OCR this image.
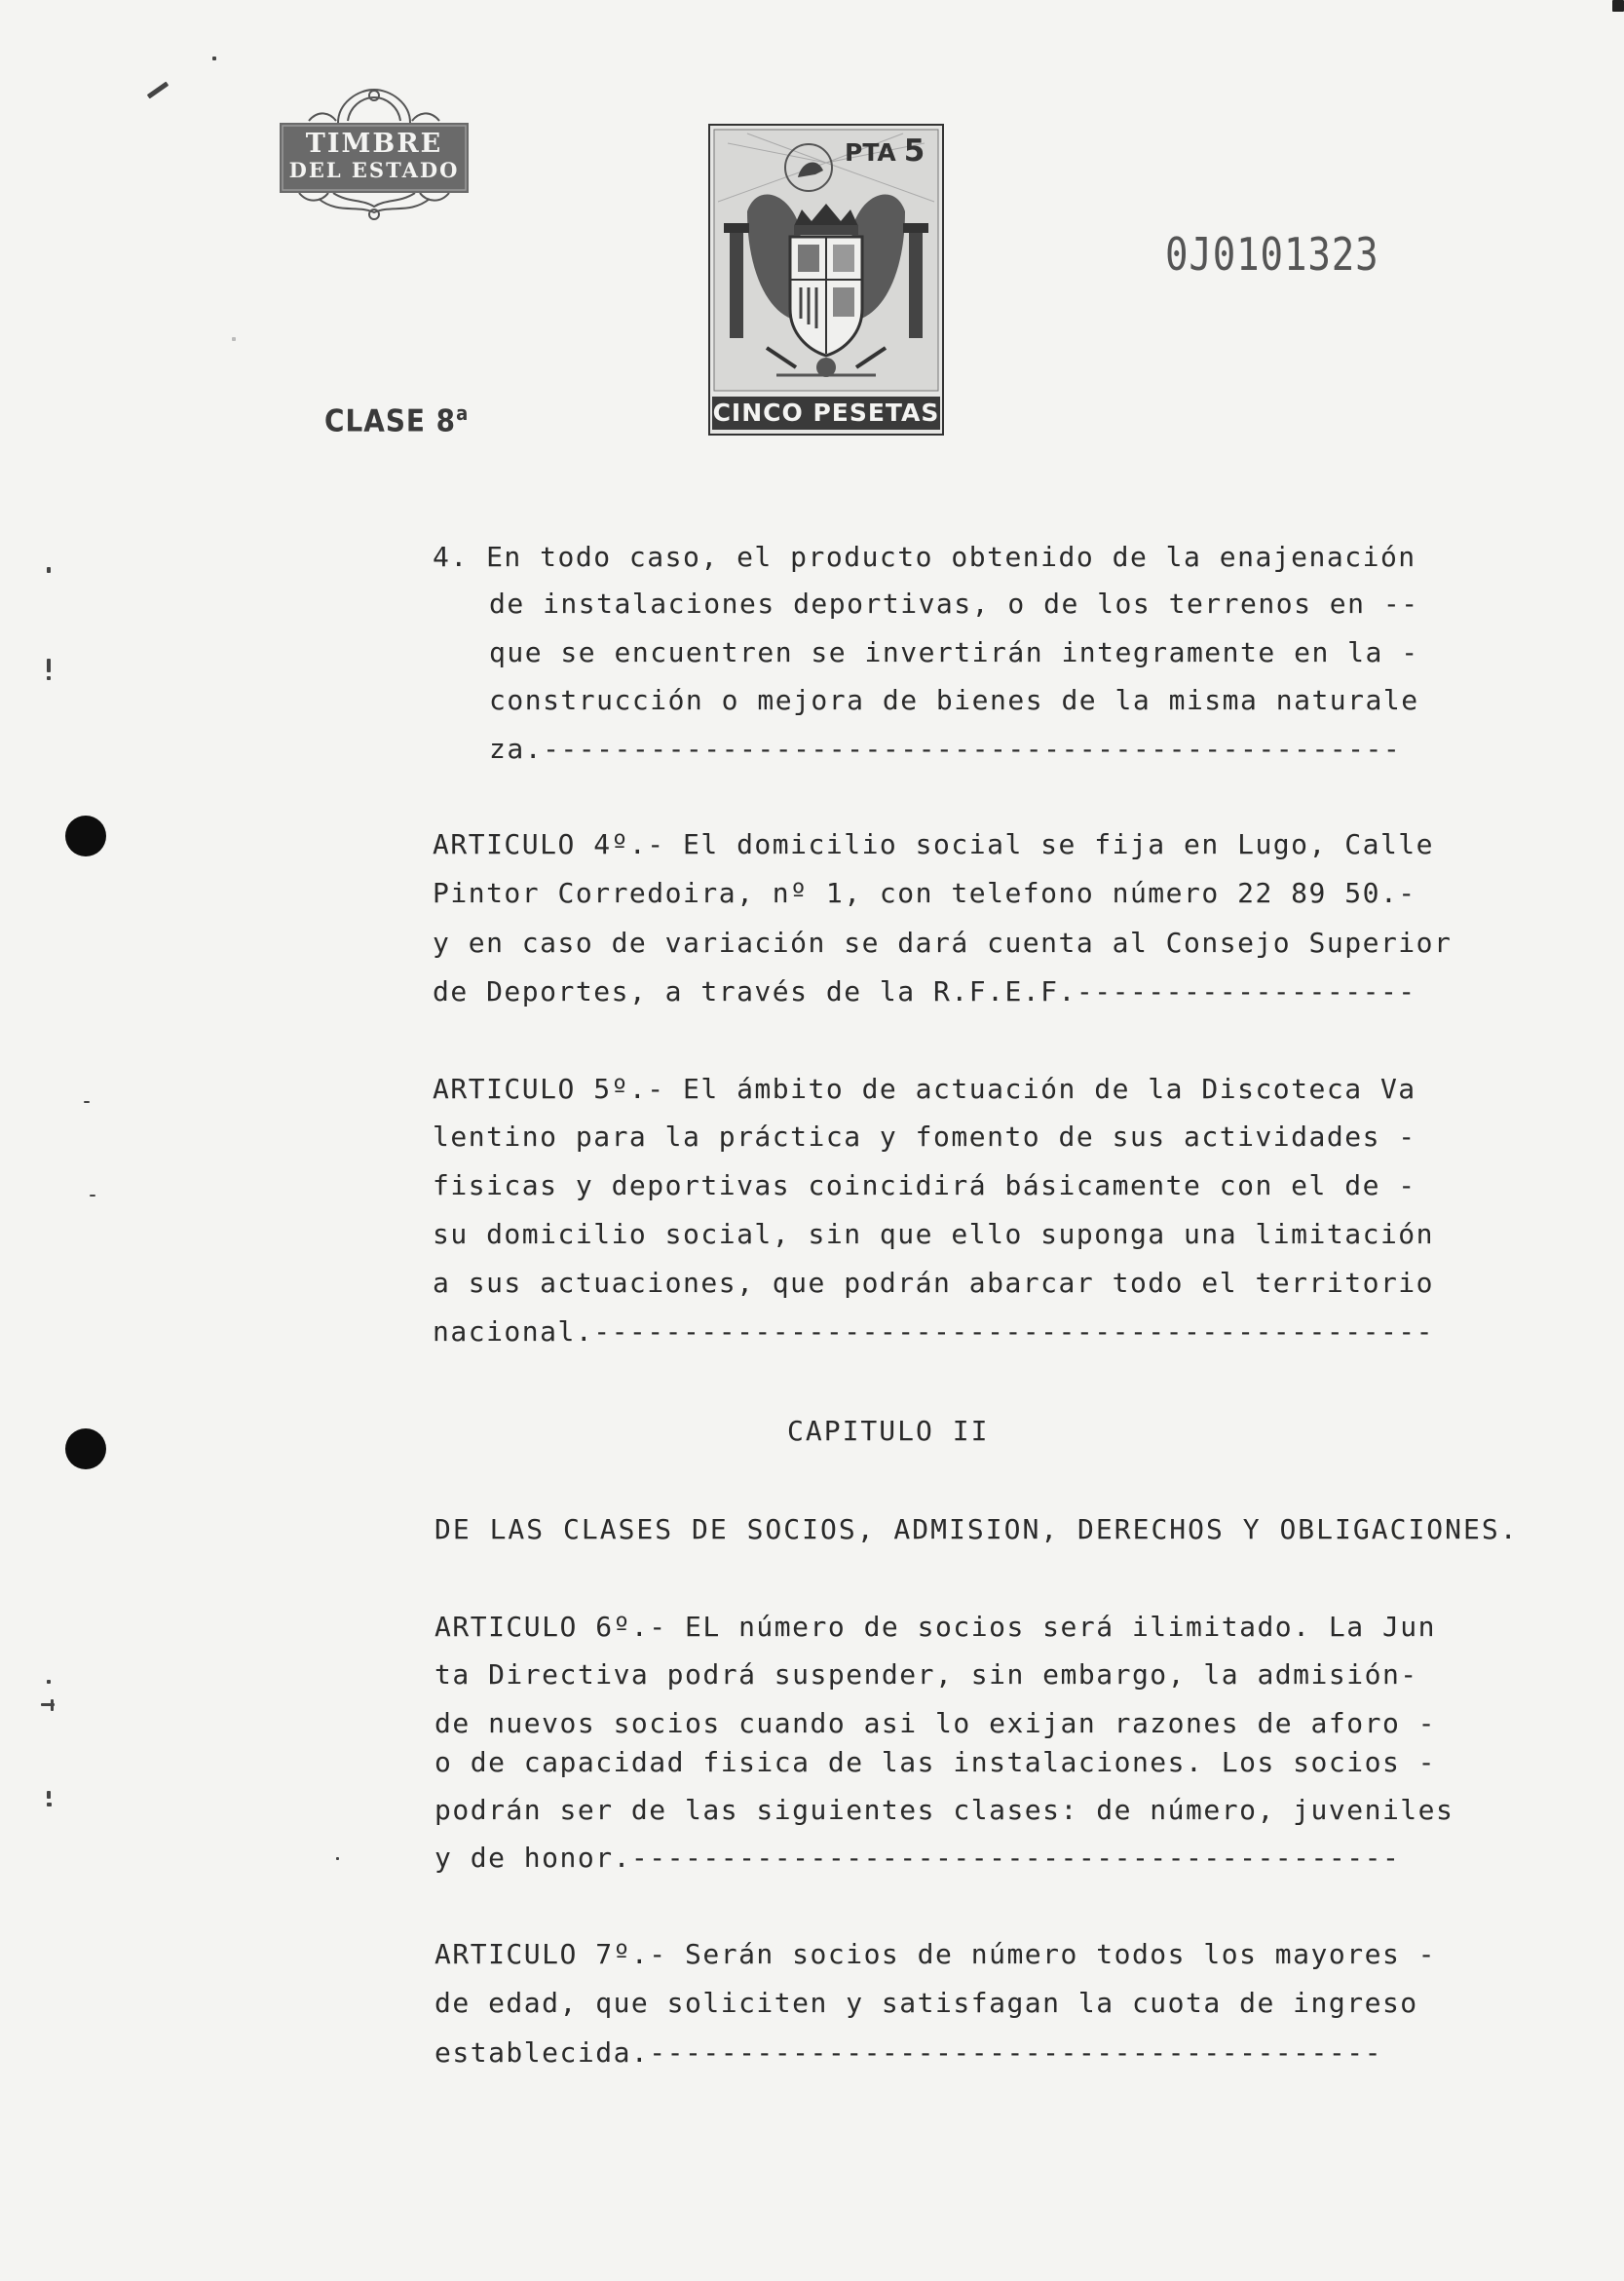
TIMBRE
DEL ESTADO
CLASE 8$^a$
PTA 5
CINCO PESETAS
0J0101323
4. En todo caso, el producto obtenido de la enajenación
de instalaciones deportivas, o de los terrenos en --
que se encuentren se invertirán integramente en la -
construcción o mejora de bienes de la misma naturale
za.------------------------------------------------
ARTICULO 4º.- El domicilio social se fija en Lugo, Calle
Pintor Corredoira, nº 1, con telefono número 22 89 50.-
y en caso de variación se dará cuenta al Consejo Superior
de Deportes, a través de la R.F.E.F.-------------------
ARTICULO 5º.- El ámbito de actuación de la Discoteca Va
lentino para la práctica y fomento de sus actividades -
fisicas y deportivas coincidirá básicamente con el de -
su domicilio social, sin que ello suponga una limitación
a sus actuaciones, que podrán abarcar todo el territorio
nacional.-----------------------------------------------
CAPITULO II
DE LAS CLASES DE SOCIOS, ADMISION, DERECHOS Y OBLIGACIONES.
ARTICULO 6º.- EL número de socios será ilimitado. La Jun
ta Directiva podrá suspender, sin embargo, la admisión-
de nuevos socios cuando asi lo exijan razones de aforo -
o de capacidad fisica de las instalaciones. Los socios -
podrán ser de las siguientes clases: de número, juveniles
y de honor.-------------------------------------------
ARTICULO 7º.- Serán socios de número todos los mayores -
de edad, que soliciten y satisfagan la cuota de ingreso
establecida.-----------------------------------------
